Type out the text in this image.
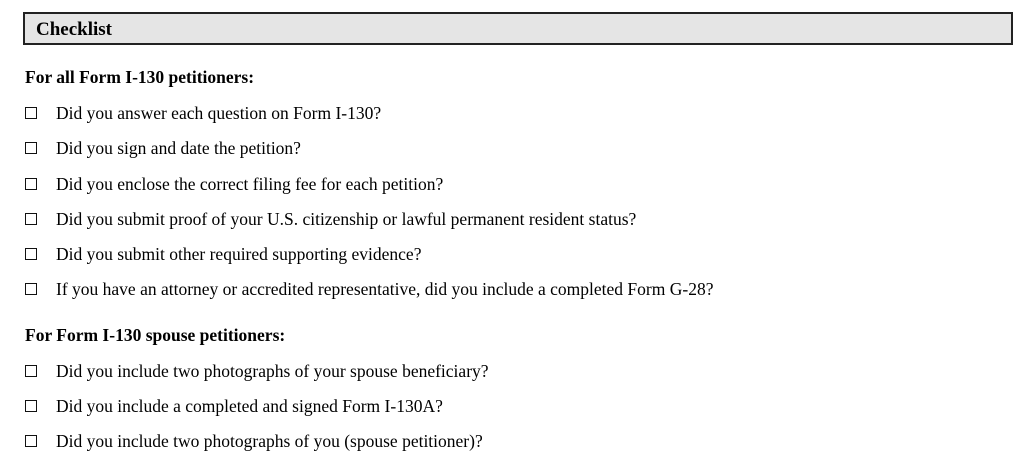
Checklist
For all Form I-130 petitioners:
Did you answer each question on Form I-130?
Did you sign and date the petition?
Did you enclose the correct filing fee for each petition?
Did you submit proof of your U.S. citizenship or lawful permanent resident status?
Did you submit other required supporting evidence?
If you have an attorney or accredited representative, did you include a completed Form G-28?
For Form I-130 spouse petitioners:
Did you include two photographs of your spouse beneficiary?
Did you include a completed and signed Form I-130A?
Did you include two photographs of you (spouse petitioner)?
